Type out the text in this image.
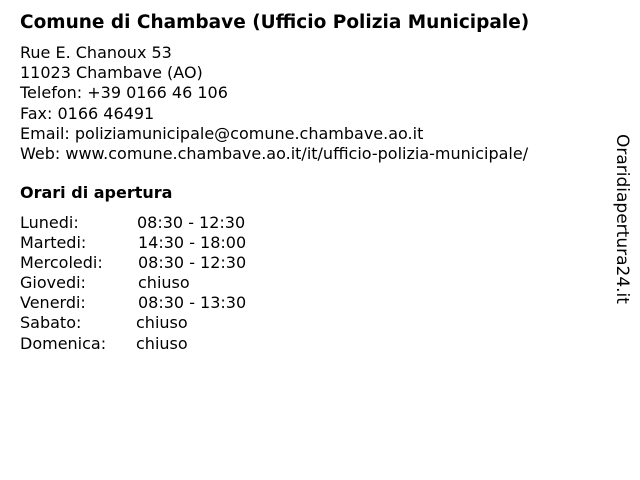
Comune di Chambave (Ufficio Polizia Municipale)
Rue E. Chanoux 53
11023 Chambave (AO)
Telefon: +39 0166 46 106
Fax: 0166 46491
Email: poliziamunicipale@comune.chambave.ao.it
Web: www.comune.chambave.ao.it/it/ufficio-polizia-municipale/
Orari di apertura
Lunedi:	08:30 - 12:30
Martedi:	14:30 - 18:00
Mercoledi: 08:30 - 12:30
Giovedi:	chiuso
Venerdi:	08:30 - 13:30
Sabato:	chiuso
Domenica: chiuso
Oraridiapertura24.it
